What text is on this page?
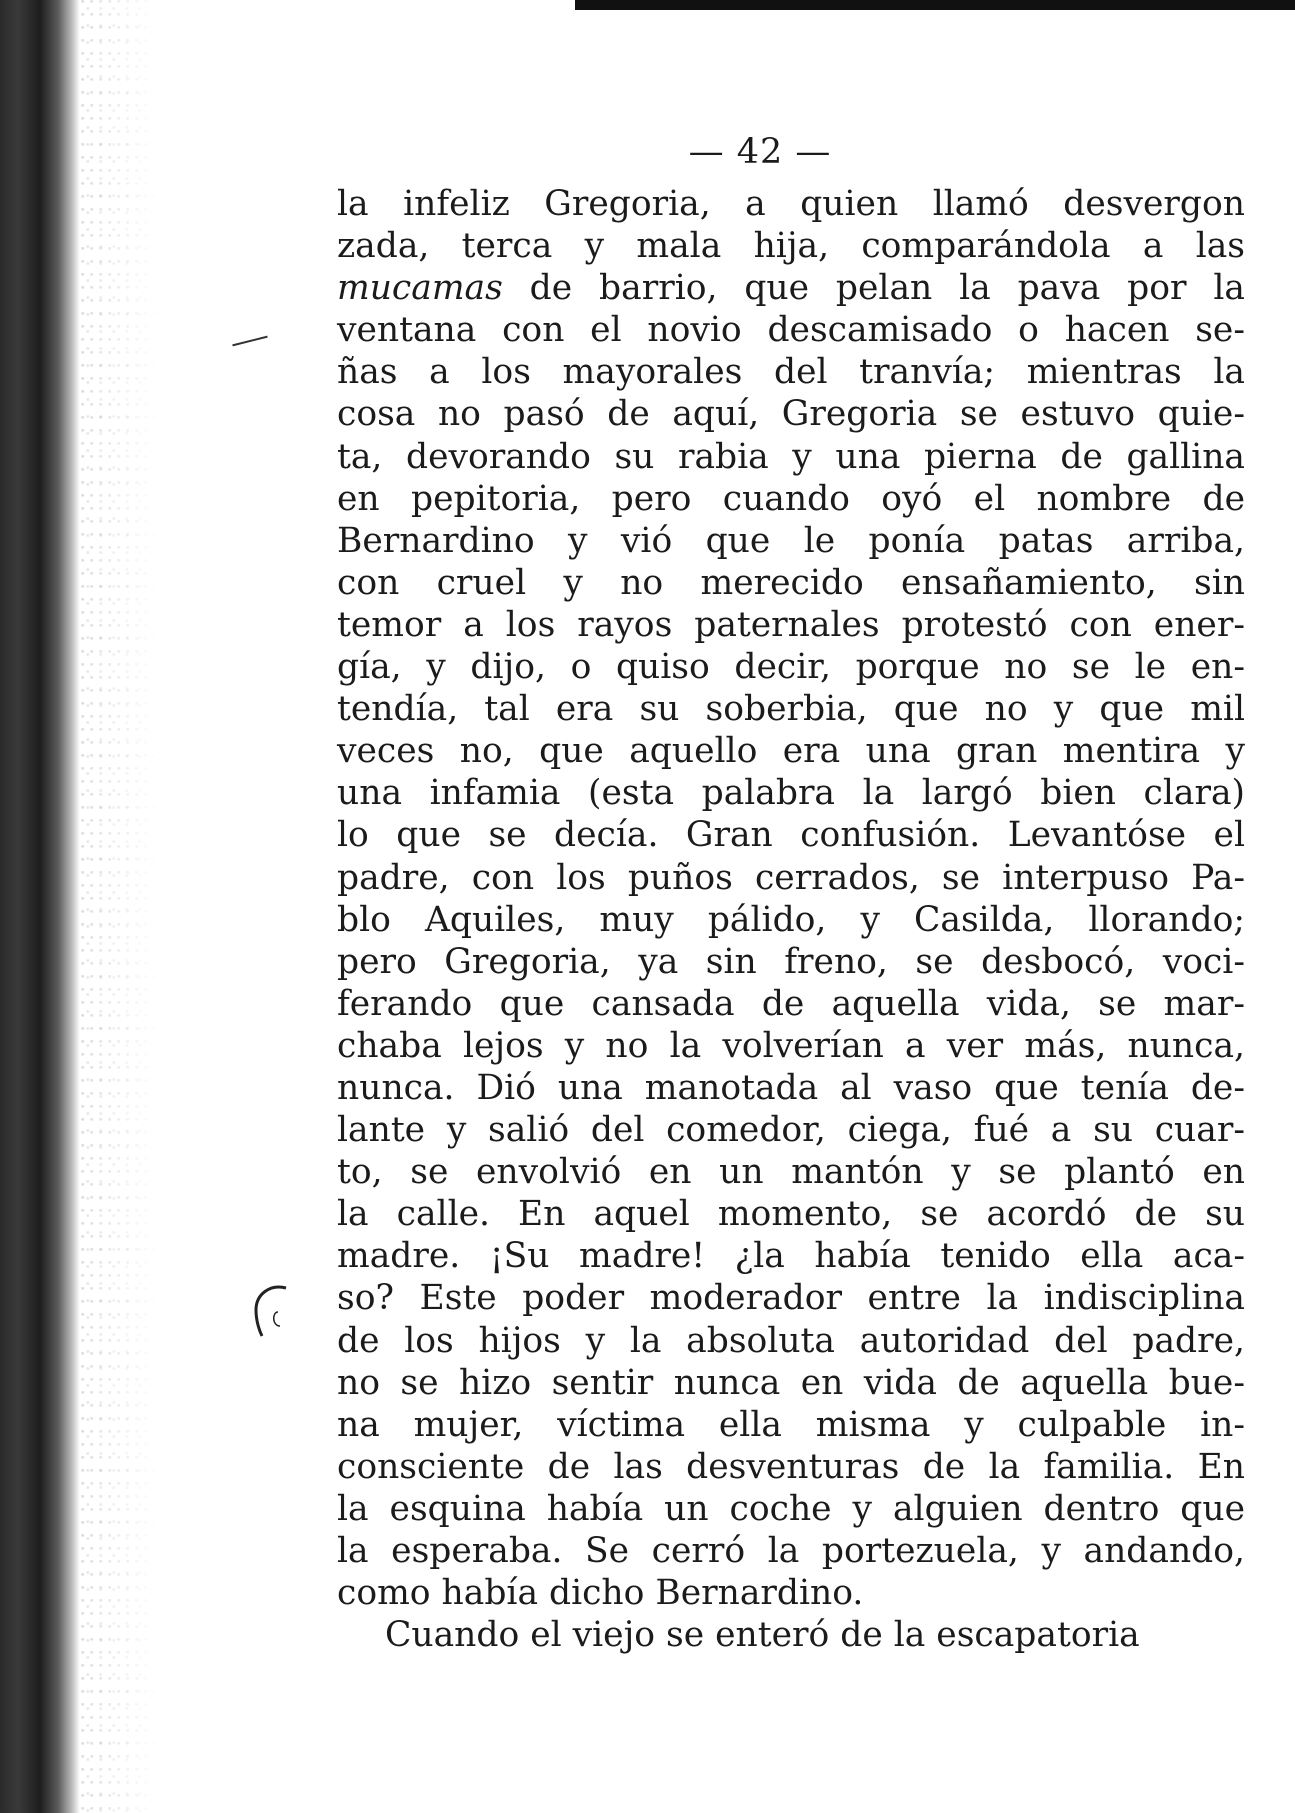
— 42 —
la infeliz Gregoria, a quien llamó desvergon
zada, terca y mala hija, comparándola a las
mucamas de barrio, que pelan la pava por la
ventana con el novio descamisado o hacen se-
ñas a los mayorales del tranvía; mientras la
cosa no pasó de aquí, Gregoria se estuvo quie-
ta, devorando su rabia y una pierna de gallina
en pepitoria, pero cuando oyó el nombre de
Bernardino y vió que le ponía patas arriba,
con cruel y no merecido ensañamiento, sin
temor a los rayos paternales protestó con ener-
gía, y dijo, o quiso decir, porque no se le en-
tendía, tal era su soberbia, que no y que mil
veces no, que aquello era una gran mentira y
una infamia (esta palabra la largó bien clara)
lo que se decía. Gran confusión. Levantóse el
padre, con los puños cerrados, se interpuso Pa-
blo Aquiles, muy pálido, y Casilda, llorando;
pero Gregoria, ya sin freno, se desbocó, voci-
ferando que cansada de aquella vida, se mar-
chaba lejos y no la volverían a ver más, nunca,
nunca. Dió una manotada al vaso que tenía de-
lante y salió del comedor, ciega, fué a su cuar-
to, se envolvió en un mantón y se plantó en
la calle. En aquel momento, se acordó de su
madre. ¡Su madre! ¿la había tenido ella aca-
so? Este poder moderador entre la indisciplina
de los hijos y la absoluta autoridad del padre,
no se hizo sentir nunca en vida de aquella bue-
na mujer, víctima ella misma y culpable in-
consciente de las desventuras de la familia. En
la esquina había un coche y alguien dentro que
la esperaba. Se cerró la portezuela, y andando,
como había dicho Bernardino.
Cuando el viejo se enteró de la escapatoria
